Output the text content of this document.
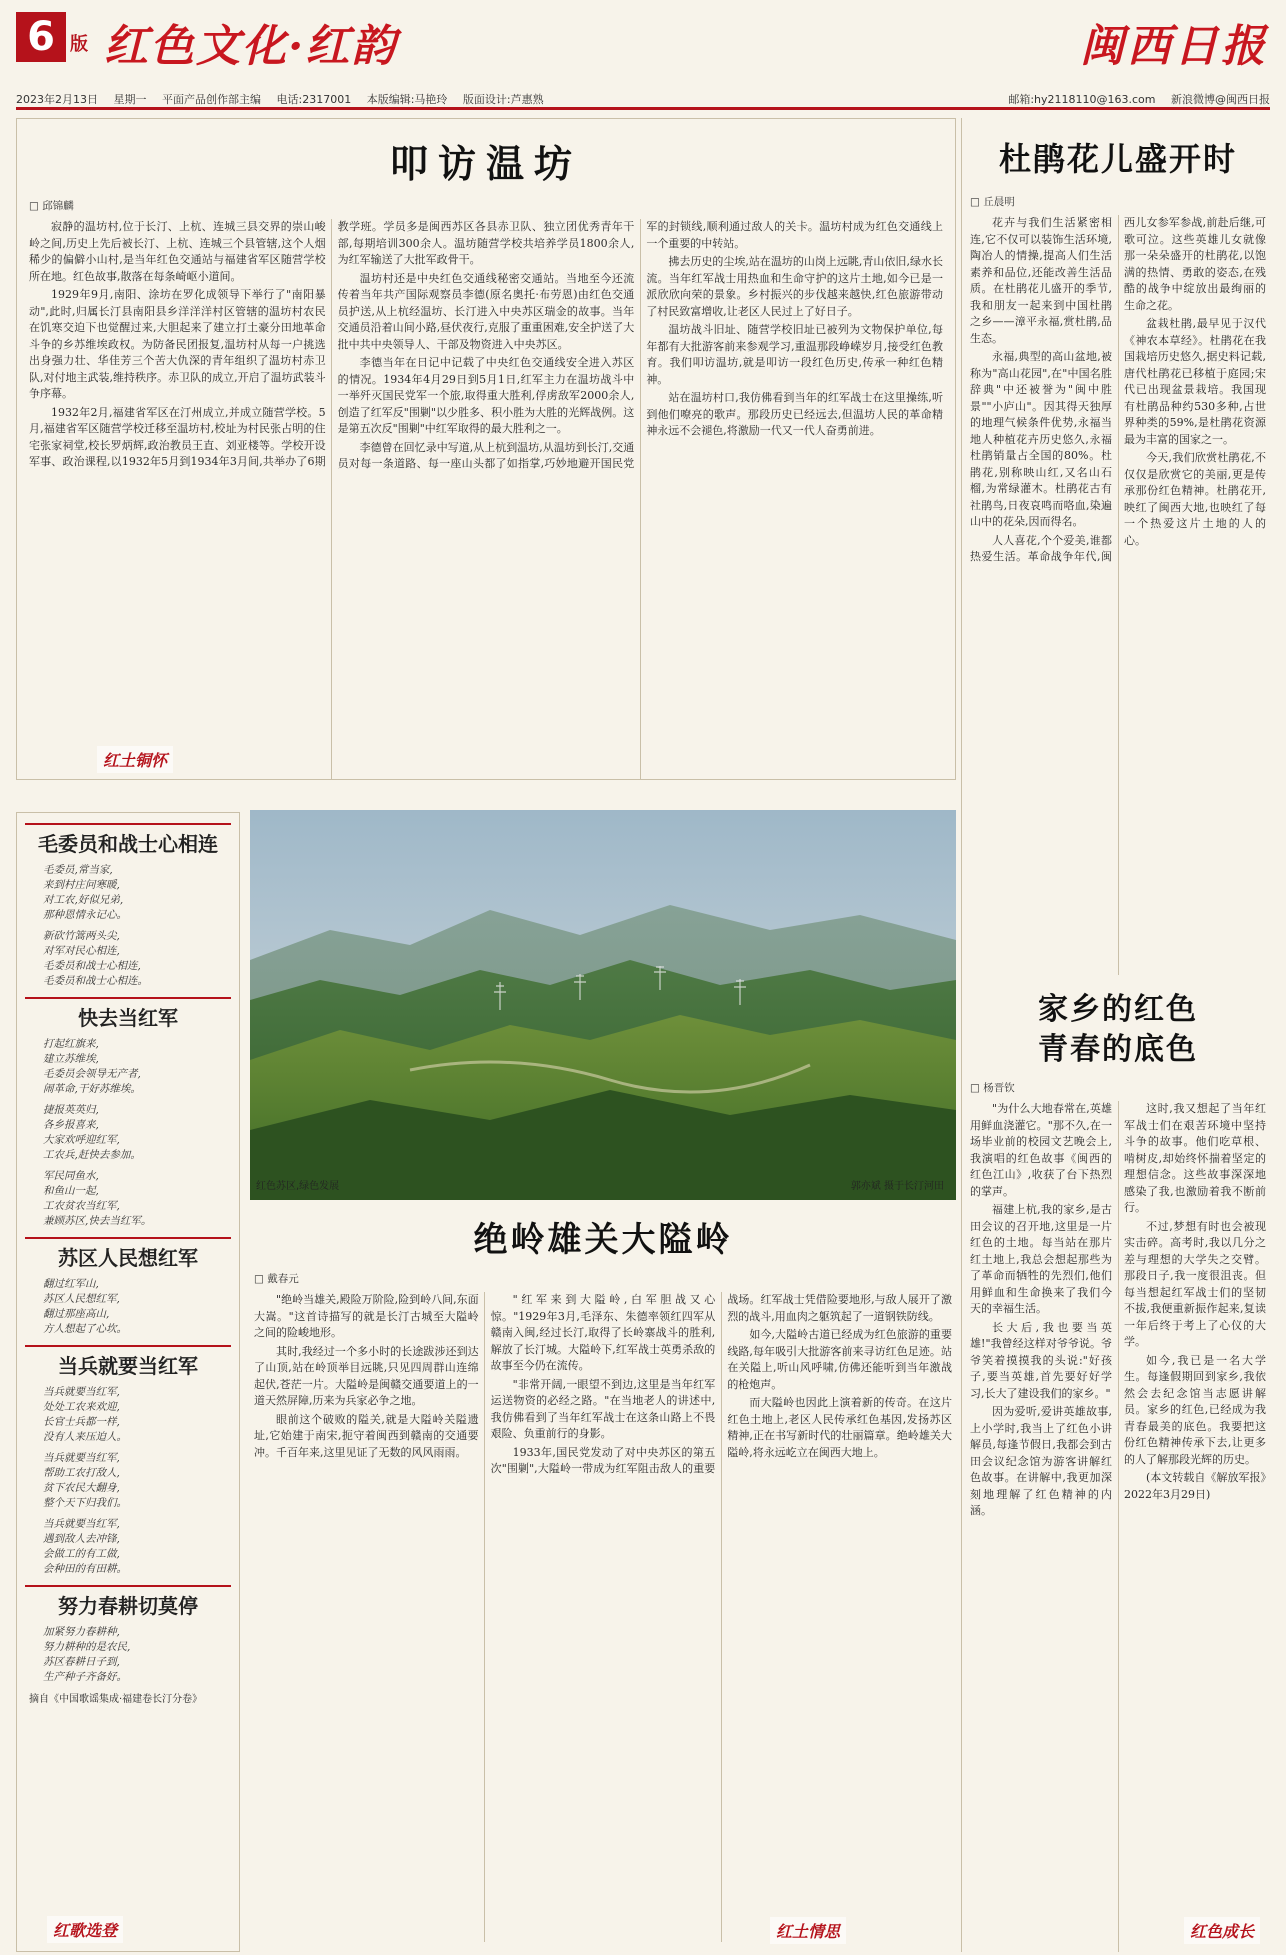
6 版 红色文化·红韵	闽西日报
2023年2月13日 星期一 平面产品创作部主编 电话:2317001 本版编辑:马艳玲 版面设计:芦惠熟	邮箱:hy2118110@163.com 新浪微博@闽西日报
叩访温坊
□ 邱锦麟

寂静的温坊村,位于长汀、上杭、连城三县交界的崇山峻岭之间,历史上先后被长汀、上杭、连城三个县管辖,这个人烟稀少的偏僻小山村,是当年红色交通站与福建省军区随营学校所在地。红色故事,散落在每条崎岖小道间。

1929年9月,南阳、涂坊在罗化成领导下举行了"南阳暴动",此时,归属长汀县南阳县乡洋洋洋村区管辖的温坊村农民在饥寒交迫下也觉醒过来,大胆起来了建立打土豪分田地革命斗争的乡苏维埃政权。为防备民团报复,温坊村从每一户挑选出身强力壮、华佳芳三个苦大仇深的青年组织了温坊村赤卫队,对付地主武装,维持秩序。赤卫队的成立,开启了温坊武装斗争序幕。

1932年2月,福建省军区在汀州成立,并成立随营学校。5月,福建省军区随营学校迁移至温坊村,校址为村民张占明的住宅张家祠堂,校长罗炳辉,政治教员王直、刘亚楼等。学校开设军事、政治课程,以1932年5月到1934年3月间,共举办了6期教学班。学员多是闽西苏区各县赤卫队、独立团优秀青年干部,每期培训300余人。温坊随营学校共培养学员1800余人,为红军输送了大批军政骨干。

温坊村还是中央红色交通线秘密交通站。当地至今还流传着当年共产国际观察员李德(原名奥托·布劳恩)由红色交通员护送,从上杭经温坊、长汀进入中央苏区瑞金的故事。当年交通员沿着山间小路,昼伏夜行,克服了重重困难,安全护送了大批中共中央领导人、干部及物资进入中央苏区。

李德当年在日记中记载了中央红色交通线安全进入苏区的情况。1934年4月29日到5月1日,红军主力在温坊战斗中一举歼灭国民党军一个旅,取得重大胜利,俘虏敌军2000余人,创造了红军反"围剿"以少胜多、积小胜为大胜的光辉战例。这是第五次反"围剿"中红军取得的最大胜利之一。

李德曾在回忆录中写道,从上杭到温坊,从温坊到长汀,交通员对每一条道路、每一座山头都了如指掌,巧妙地避开国民党军的封锁线,顺利通过敌人的关卡。温坊村成为红色交通线上一个重要的中转站。

拂去历史的尘埃,站在温坊的山岗上远眺,青山依旧,绿水长流。当年红军战士用热血和生命守护的这片土地,如今已是一派欣欣向荣的景象。乡村振兴的步伐越来越快,红色旅游带动了村民致富增收,让老区人民过上了好日子。

温坊战斗旧址、随营学校旧址已被列为文物保护单位,每年都有大批游客前来参观学习,重温那段峥嵘岁月,接受红色教育。我们叩访温坊,就是叩访一段红色历史,传承一种红色精神。

站在温坊村口,我仿佛看到当年的红军战士在这里操练,听到他们嘹亮的歌声。那段历史已经远去,但温坊人民的革命精神永远不会褪色,将激励一代又一代人奋勇前进。

红土铜怀
杜鹃花儿盛开时
□ 丘晨明

花卉与我们生活紧密相连,它不仅可以装饰生活环境,陶冶人的情操,提高人们生活素养和品位,还能改善生活品质。在杜鹃花儿盛开的季节,我和朋友一起来到中国杜鹃之乡——漳平永福,赏杜鹃,品生态。

永福,典型的高山盆地,被称为"高山花园",在"中国名胜辞典"中还被誉为"闽中胜景""小庐山"。因其得天独厚的地理气候条件优势,永福当地人种植花卉历史悠久,永福杜鹃销量占全国的80%。杜鹃花,别称映山红,又名山石榴,为常绿灌木。杜鹃花古有社鹃鸟,日夜哀鸣而咯血,染遍山中的花朵,因而得名。

人人喜花,个个爱美,谁都热爱生活。革命战争年代,闽西儿女参军参战,前赴后继,可歌可泣。这些英雄儿女就像那一朵朵盛开的杜鹃花,以饱满的热情、勇敢的姿态,在残酷的战争中绽放出最绚丽的生命之花。

盆栽杜鹃,最早见于汉代《神农本草经》。杜鹃花在我国栽培历史悠久,据史料记载,唐代杜鹃花已移植于庭园;宋代已出现盆景栽培。我国现有杜鹃品种约530多种,占世界种类的59%,是杜鹃花资源最为丰富的国家之一。

今天,我们欣赏杜鹃花,不仅仅是欣赏它的美丽,更是传承那份红色精神。杜鹃花开,映红了闽西大地,也映红了每一个热爱这片土地的人的心。

红色苏区,绿色发展	郭亦斌 摄于长汀河田
毛委员和战士心相连
毛委员,常当家,
来到村庄问寒暖,
对工农,好似兄弟,
那种恩情永记心。
新砍竹篙两头尖,
对军对民心相连,
毛委员和战士心相连,
毛委员和战士心相连。
快去当红军
打起红旗来,
建立苏维埃,
毛委员会领导无产者,
闹革命,干好苏维埃。
捷报英英归,
各乡报喜来,
大家欢呼迎红军,
工农兵,赶快去参加。
军民同鱼水,
和鱼山一起,
工农贫农当红军,
兼顾苏区,快去当红军。
苏区人民想红军
翻过红军山,
苏区人民想红军,
翻过那座高山,
方人想起了心坎。
当兵就要当红军
当兵就要当红军,
处处工农来欢迎,
长官士兵都一样,
没有人来压迫人。
当兵就要当红军,
帮助工农打敌人,
贫下农民大翻身,
整个天下归我们。
当兵就要当红军,
遇到敌人去冲锋,
会做工的有工做,
会种田的有田耕。
努力春耕切莫停
加紧努力春耕种,
努力耕种的是农民,
苏区春耕日子到,
生产种子齐备好。
摘自《中国歌谣集成·福建卷长汀分卷》
红歌选登
绝岭雄关大隘岭
□ 戴春元

"绝岭当雄关,殿险万阶险,险到岭八间,东面大嵩。"这首诗描写的就是长汀古城至大隘岭之间的险峻地形。

其时,我经过一个多小时的长途跋涉还到达了山顶,站在岭顶举目远眺,只见四周群山连绵起伏,苍茫一片。大隘岭是闽赣交通要道上的一道天然屏障,历来为兵家必争之地。

眼前这个破败的隘关,就是大隘岭关隘遗址,它始建于南宋,扼守着闽西到赣南的交通要冲。千百年来,这里见证了无数的风风雨雨。

"红军来到大隘岭,白军胆战又心惊。"1929年3月,毛泽东、朱德率领红四军从赣南入闽,经过长汀,取得了长岭寨战斗的胜利,解放了长汀城。大隘岭下,红军战士英勇杀敌的故事至今仍在流传。

"非常开阔,一眼望不到边,这里是当年红军运送物资的必经之路。"在当地老人的讲述中,我仿佛看到了当年红军战士在这条山路上不畏艰险、负重前行的身影。

1933年,国民党发动了对中央苏区的第五次"围剿",大隘岭一带成为红军阻击敌人的重要战场。红军战士凭借险要地形,与敌人展开了激烈的战斗,用血肉之躯筑起了一道钢铁防线。

如今,大隘岭古道已经成为红色旅游的重要线路,每年吸引大批游客前来寻访红色足迹。站在关隘上,听山风呼啸,仿佛还能听到当年激战的枪炮声。

而大隘岭也因此上演着新的传奇。在这片红色土地上,老区人民传承红色基因,发扬苏区精神,正在书写新时代的壮丽篇章。绝岭雄关大隘岭,将永远屹立在闽西大地上。

红土情思
家乡的红色
青春的底色
□ 杨晋钦

"为什么大地春常在,英雄用鲜血浇灌它。"那不久,在一场毕业前的校园文艺晚会上,我演唱的红色故事《闽西的红色江山》,收获了台下热烈的掌声。

福建上杭,我的家乡,是古田会议的召开地,这里是一片红色的土地。每当站在那片红土地上,我总会想起那些为了革命而牺牲的先烈们,他们用鲜血和生命换来了我们今天的幸福生活。

长大后,我也要当英雄!"我曾经这样对爷爷说。爷爷笑着摸摸我的头说:"好孩子,要当英雄,首先要好好学习,长大了建设我们的家乡。"

因为爱听,爱讲英雄故事,上小学时,我当上了红色小讲解员,每逢节假日,我都会到古田会议纪念馆为游客讲解红色故事。在讲解中,我更加深刻地理解了红色精神的内涵。

这时,我又想起了当年红军战士们在艰苦环境中坚持斗争的故事。他们吃草根、啃树皮,却始终怀揣着坚定的理想信念。这些故事深深地感染了我,也激励着我不断前行。

不过,梦想有时也会被现实击碎。高考时,我以几分之差与理想的大学失之交臂。那段日子,我一度很沮丧。但每当想起红军战士们的坚韧不拔,我便重新振作起来,复读一年后终于考上了心仪的大学。

如今,我已是一名大学生。每逢假期回到家乡,我依然会去纪念馆当志愿讲解员。家乡的红色,已经成为我青春最美的底色。我要把这份红色精神传承下去,让更多的人了解那段光辉的历史。

(本文转载自《解放军报》2022年3月29日)

红色成长
